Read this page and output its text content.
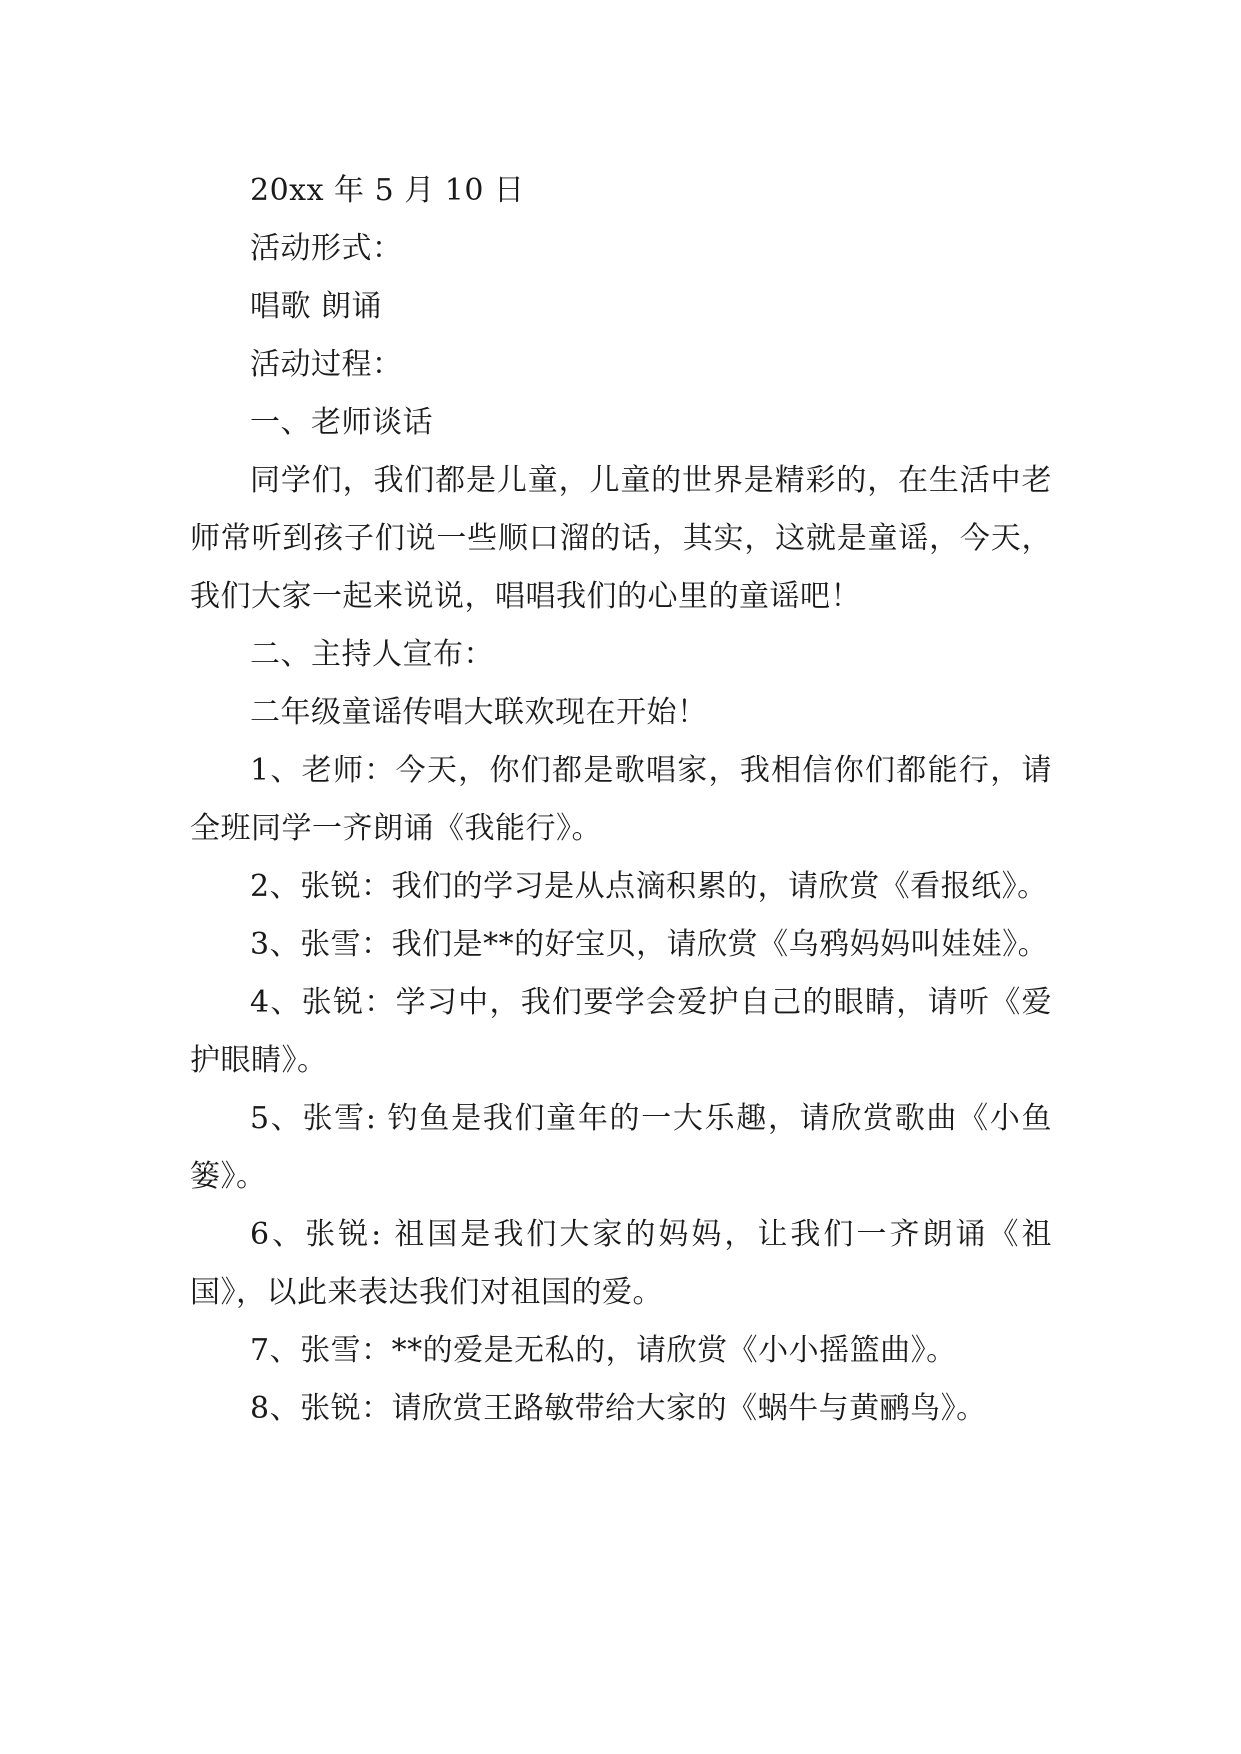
20xx 年 5 月 10 日

活动形式：

唱歌 朗诵

活动过程：

一、老师谈话

同学们，我们都是儿童，儿童的世界是精彩的，在生活中老师常听到孩子们说一些顺口溜的话，其实，这就是童谣，今天，我们大家一起来说说，唱唱我们的心里的童谣吧！

二、主持人宣布：

二年级童谣传唱大联欢现在开始！

1、老师：今天，你们都是歌唱家，我相信你们都能行，请全班同学一齐朗诵《我能行》。

2、张锐：我们的学习是从点滴积累的，请欣赏《看报纸》。

3、张雪：我们是**的好宝贝，请欣赏《乌鸦妈妈叫娃娃》。

4、张锐：学习中，我们要学会爱护自己的眼睛，请听《爱护眼睛》。

5、张雪: 钓鱼是我们童年的一大乐趣，请欣赏歌曲《小鱼篓》。

6、张锐: 祖国是我们大家的妈妈，让我们一齐朗诵《祖国》，以此来表达我们对祖国的爱。

7、张雪：**的爱是无私的，请欣赏《小小摇篮曲》。

8、张锐：请欣赏王路敏带给大家的《蜗牛与黄鹂鸟》。
